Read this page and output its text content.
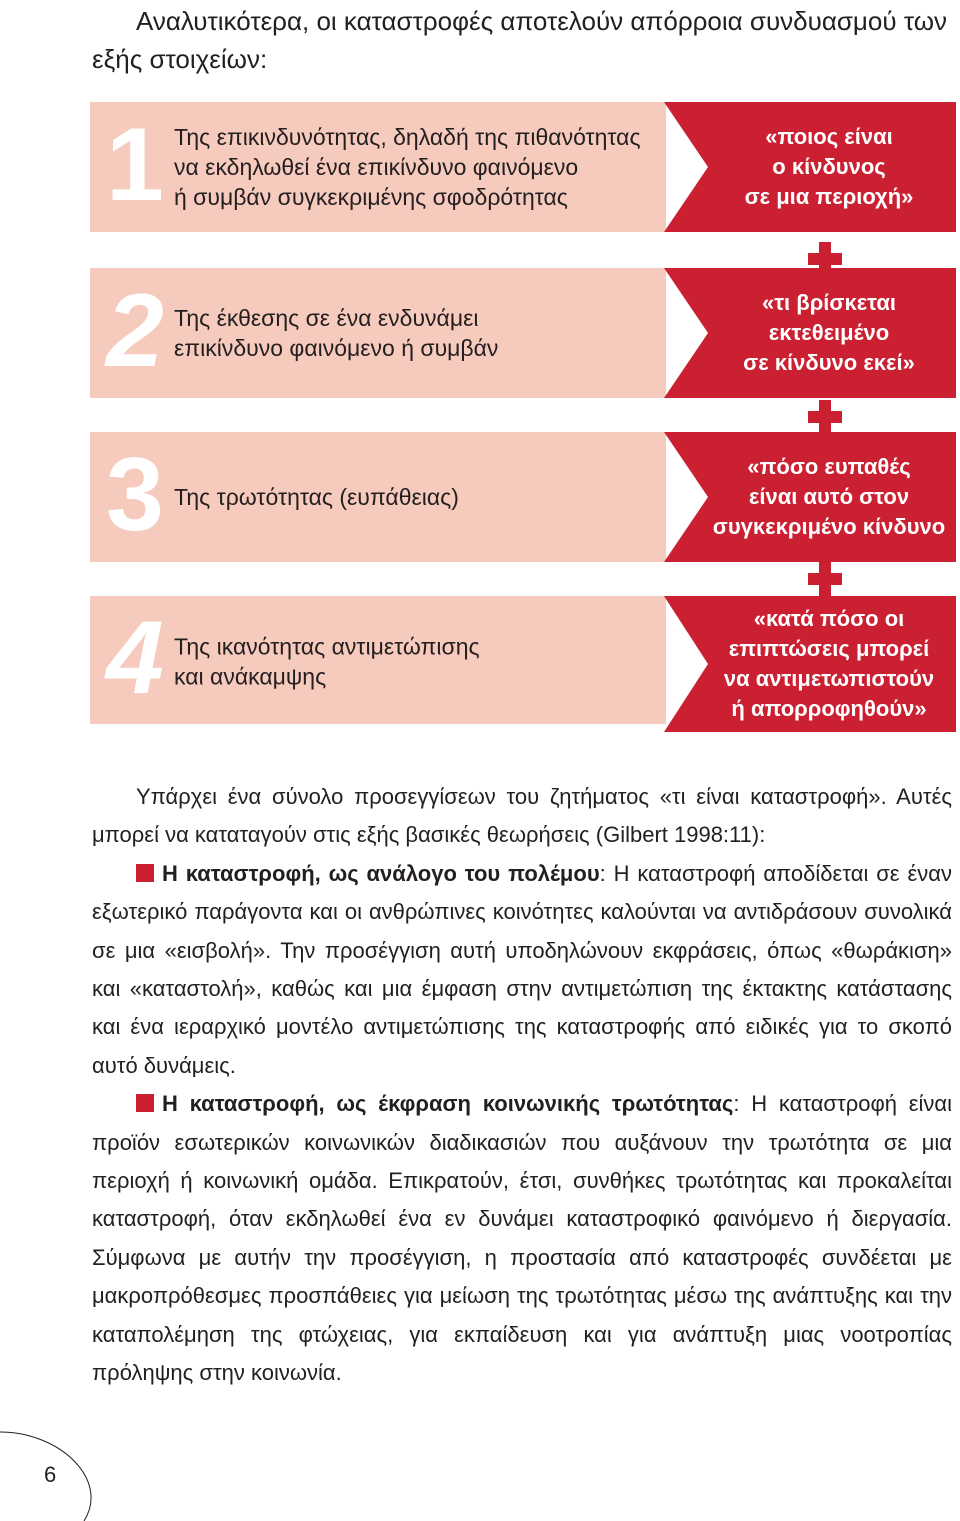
Αναλυτικότερα, οι καταστροφές αποτελούν απόρροια συνδυασμού των εξής στοιχείων:

1 Της επικινδυνότητας, δηλαδή της πιθανότητας
να εκδηλωθεί ένα επικίνδυνο φαινόμενο
ή συμβάν συγκεκριμένης σφοδρότητας

«ποιος είναι
ο κίνδυνος
σε μια περιοχή»

2 Της έκθεσης σε ένα ενδυνάμει
επικίνδυνο φαινόμενο ή συμβάν

«τι βρίσκεται
εκτεθειμένο
σε κίνδυνο εκεί»

3 Της τρωτότητας (ευπάθειας)

«πόσο ευπαθές
είναι αυτό στον
συγκεκριμένο κίνδυνο

4 Της ικανότητας αντιμετώπισης
και ανάκαμψης

«κατά πόσο οι
επιπτώσεις μπορεί
να αντιμετωπιστούν
ή απορροφηθούν»

Υπάρχει ένα σύνολο προσεγγίσεων του ζητήματος «τι είναι καταστροφή». Αυτές μπορεί να καταταγούν στις εξής βασικές θεωρήσεις (Gilbert 1998:11):

Η καταστροφή, ως ανάλογο του πολέμου: Η καταστροφή αποδίδεται σε έναν εξωτερικό παράγοντα και οι ανθρώπινες κοινότητες καλούνται να αντιδράσουν συνολικά σε μια «εισβολή». Την προσέγγιση αυτή υποδηλώνουν εκφράσεις, όπως «θωράκιση» και «καταστολή», καθώς και μια έμφαση στην αντιμετώπιση της έκτακτης κατάστασης και ένα ιεραρχικό μοντέλο αντιμετώπισης της καταστροφής από ειδικές για το σκοπό αυτό δυνάμεις.

Η καταστροφή, ως έκφραση κοινωνικής τρωτότητας: Η καταστροφή είναι προϊόν εσωτερικών κοινωνικών διαδικασιών που αυξάνουν την τρωτότητα σε μια περιοχή ή κοινωνική ομάδα. Επικρατούν, έτσι, συνθήκες τρωτότητας και προκαλείται καταστροφή, όταν εκδηλωθεί ένα εν δυνάμει καταστροφικό φαινόμενο ή διεργασία. Σύμφωνα με αυτήν την προσέγγιση, η προστασία από καταστροφές συνδέεται με μακροπρόθεσμες προσπάθειες για μείωση της τρωτότητας μέσω της ανάπτυξης και την καταπολέμηση της φτώχειας, για εκπαίδευση και για ανάπτυξη μιας νοοτροπίας πρόληψης στην κοινωνία.

6
